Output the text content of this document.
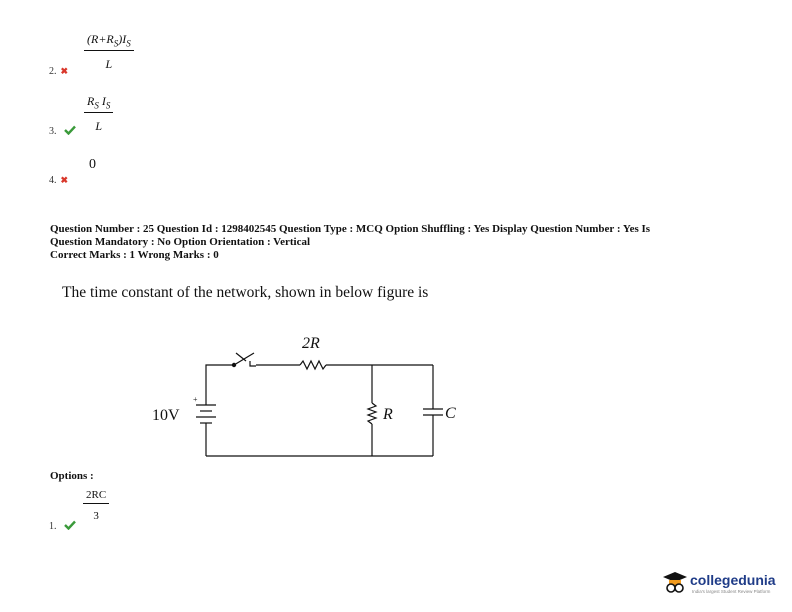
$\frac{(R+R_S)I_S}{L}$
2. ✖
$\frac{R_S I_S}{L}$
3.
0
4. ✖
Question Number : 25 Question Id : 1298402545 Question Type : MCQ Option Shuffling : Yes Display Question Number : Yes Is
Question Mandatory : No Option Orientation : Vertical
Correct Marks : 1 Wrong Marks : 0
The time constant of the network, shown in below figure is
+
10V
2R
R	C
Options :
$\frac{2RC}{3}$
1.
collegedunia
India's largest Student Review Platform
